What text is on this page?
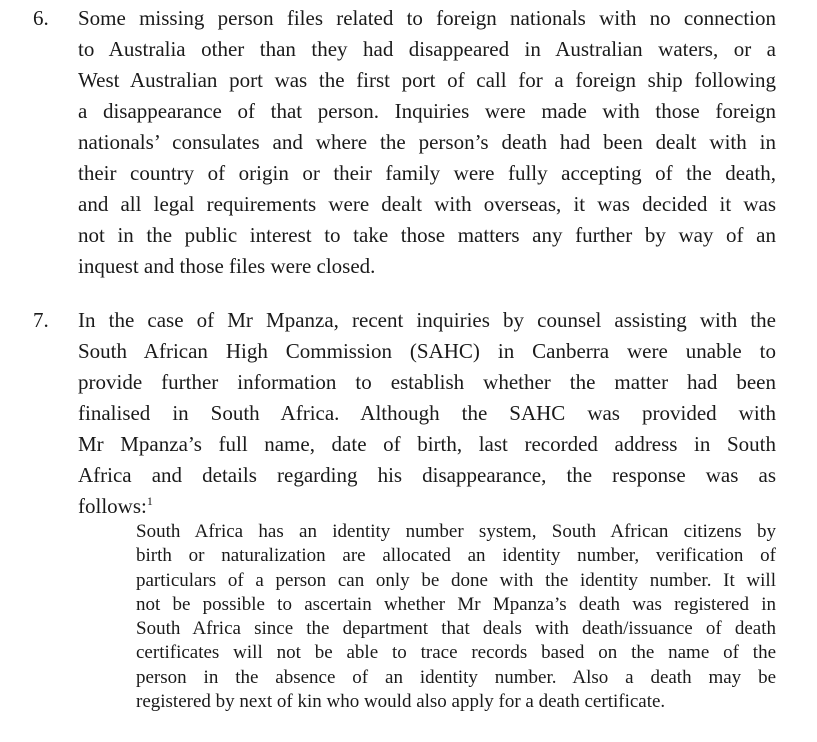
6. Some missing person files related to foreign nationals with no connection
to Australia other than they had disappeared in Australian waters, or a
West Australian port was the first port of call for a foreign ship following
a disappearance of that person. Inquiries were made with those foreign
nationals’ consulates and where the person’s death had been dealt with in
their country of origin or their family were fully accepting of the death,
and all legal requirements were dealt with overseas, it was decided it was
not in the public interest to take those matters any further by way of an
inquest and those files were closed.

7. In the case of Mr Mpanza, recent inquiries by counsel assisting with the
South African High Commission (SAHC) in Canberra were unable to
provide further information to establish whether the matter had been
finalised in South Africa. Although the SAHC was provided with
Mr Mpanza’s full name, date of birth, last recorded address in South
Africa and details regarding his disappearance, the response was as
follows:$^1$

South Africa has an identity number system, South African citizens by
birth or naturalization are allocated an identity number, verification of
particulars of a person can only be done with the identity number. It will
not be possible to ascertain whether Mr Mpanza’s death was registered in
South Africa since the department that deals with death/issuance of death
certificates will not be able to trace records based on the name of the
person in the absence of an identity number. Also a death may be
registered by next of kin who would also apply for a death certificate.
